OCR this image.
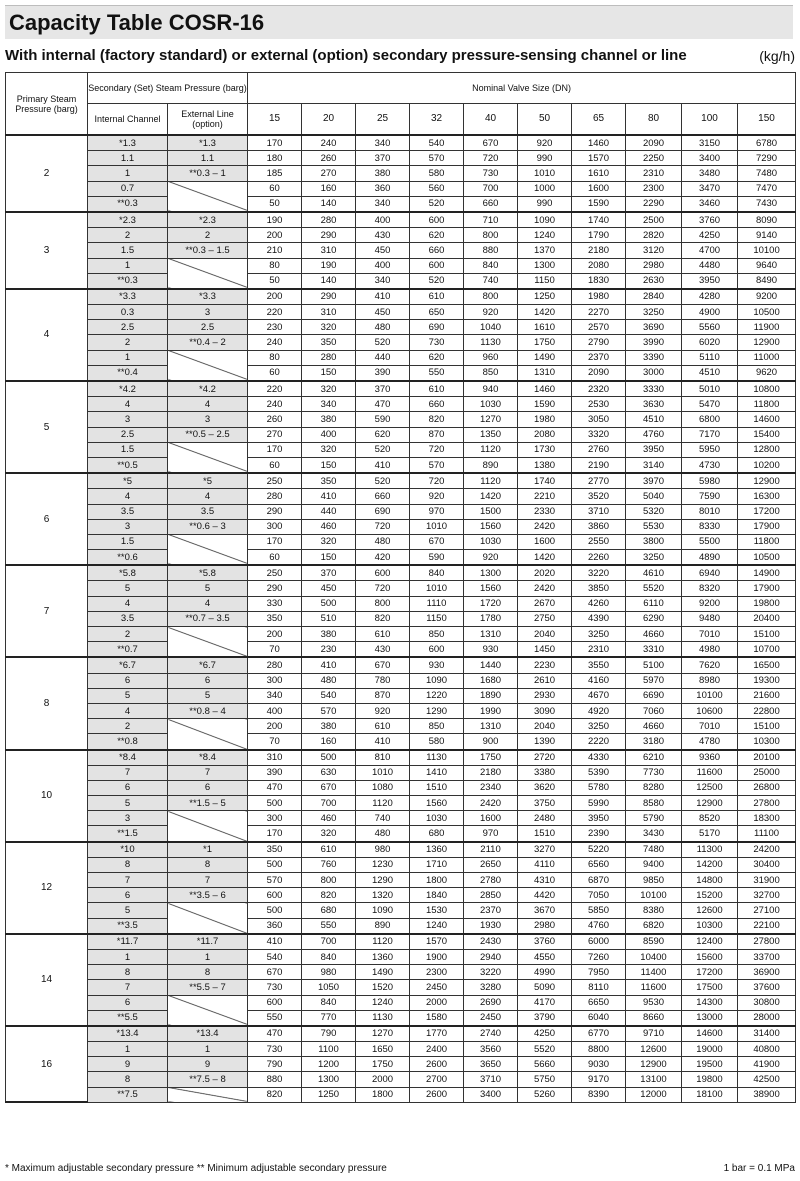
Capacity Table COSR-16
With internal (factory standard) or external (option) secondary pressure-sensing channel or line	(kg/h)
Primary Steam Pressure (barg)	Secondary (Set) Steam Pressure (barg)		Nominal Valve Size (DN)									
	Internal Channel	External Line (option)	15	20	25	32	40	50	65	80	100	150
2	*1.3	*1.3	170	240	340	540	670	920	1460	2090	3150	6780
	1.1	1.1	180	260	370	570	720	990	1570	2250	3400	7290
	1	**0.3 – 1	185	270	380	580	730	1010	1610	2310	3480	7480
	0.7		60	160	360	560	700	1000	1600	2300	3470	7470
	**0.3		50	140	340	520	660	990	1590	2290	3460	7430
3	*2.3	*2.3	190	280	400	600	710	1090	1740	2500	3760	8090
	2	2	200	290	430	620	800	1240	1790	2820	4250	9140
	1.5	**0.3 – 1.5	210	310	450	660	880	1370	2180	3120	4700	10100
	1		80	190	400	600	840	1300	2080	2980	4480	9640
	**0.3		50	140	340	520	740	1150	1830	2630	3950	8490
4	*3.3	*3.3	200	290	410	610	800	1250	1980	2840	4280	9200
	0.3	3	220	310	450	650	920	1420	2270	3250	4900	10500
	2.5	2.5	230	320	480	690	1040	1610	2570	3690	5560	11900
	2	**0.4 – 2	240	350	520	730	1130	1750	2790	3990	6020	12900
	1		80	280	440	620	960	1490	2370	3390	5110	11000
	**0.4		60	150	390	550	850	1310	2090	3000	4510	9620
5	*4.2	*4.2	220	320	370	610	940	1460	2320	3330	5010	10800
	4	4	240	340	470	660	1030	1590	2530	3630	5470	11800
	3	3	260	380	590	820	1270	1980	3050	4510	6800	14600
	2.5	**0.5 – 2.5	270	400	620	870	1350	2080	3320	4760	7170	15400
	1.5		170	320	520	720	1120	1730	2760	3950	5950	12800
	**0.5		60	150	410	570	890	1380	2190	3140	4730	10200
6	*5	*5	250	350	520	720	1120	1740	2770	3970	5980	12900
	4	4	280	410	660	920	1420	2210	3520	5040	7590	16300
	3.5	3.5	290	440	690	970	1500	2330	3710	5320	8010	17200
	3	**0.6 – 3	300	460	720	1010	1560	2420	3860	5530	8330	17900
	1.5		170	320	480	670	1030	1600	2550	3800	5500	11800
	**0.6		60	150	420	590	920	1420	2260	3250	4890	10500
7	*5.8	*5.8	250	370	600	840	1300	2020	3220	4610	6940	14900
	5	5	290	450	720	1010	1560	2420	3850	5520	8320	17900
	4	4	330	500	800	1110	1720	2670	4260	6110	9200	19800
	3.5	**0.7 – 3.5	350	510	820	1150	1780	2750	4390	6290	9480	20400
	2		200	380	610	850	1310	2040	3250	4660	7010	15100
	**0.7		70	230	430	600	930	1450	2310	3310	4980	10700
8	*6.7	*6.7	280	410	670	930	1440	2230	3550	5100	7620	16500
	6	6	300	480	780	1090	1680	2610	4160	5970	8980	19300
	5	5	340	540	870	1220	1890	2930	4670	6690	10100	21600
	4	**0.8 – 4	400	570	920	1290	1990	3090	4920	7060	10600	22800
	2		200	380	610	850	1310	2040	3250	4660	7010	15100
	**0.8		70	160	410	580	900	1390	2220	3180	4780	10300
10	*8.4	*8.4	310	500	810	1130	1750	2720	4330	6210	9360	20100
	7	7	390	630	1010	1410	2180	3380	5390	7730	11600	25000
	6	6	470	670	1080	1510	2340	3620	5780	8280	12500	26800
	5	**1.5 – 5	500	700	1120	1560	2420	3750	5990	8580	12900	27800
	3		300	460	740	1030	1600	2480	3950	5790	8520	18300
	**1.5		170	320	480	680	970	1510	2390	3430	5170	11100
12	*10	*1	350	610	980	1360	2110	3270	5220	7480	11300	24200
	8	8	500	760	1230	1710	2650	4110	6560	9400	14200	30400
	7	7	570	800	1290	1800	2780	4310	6870	9850	14800	31900
	6	**3.5 – 6	600	820	1320	1840	2850	4420	7050	10100	15200	32700
	5		500	680	1090	1530	2370	3670	5850	8380	12600	27100
	**3.5		360	550	890	1240	1930	2980	4760	6820	10300	22100
14	*11.7	*11.7	410	700	1120	1570	2430	3760	6000	8590	12400	27800
	1	1	540	840	1360	1900	2940	4550	7260	10400	15600	33700
	8	8	670	980	1490	2300	3220	4990	7950	11400	17200	36900
	7	**5.5 – 7	730	1050	1520	2450	3280	5090	8110	11600	17500	37600
	6		600	840	1240	2000	2690	4170	6650	9530	14300	30800
	**5.5		550	770	1130	1580	2450	3790	6040	8660	13000	28000
16	*13.4	*13.4	470	790	1270	1770	2740	4250	6770	9710	14600	31400
	1	1	730	1100	1650	2400	3560	5520	8800	12600	19000	40800
	9	9	790	1200	1750	2600	3650	5660	9030	12900	19500	41900
	8	**7.5 – 8	880	1300	2000	2700	3710	5750	9170	13100	19800	42500
	**7.5		820	1250	1800	2600	3400	5260	8390	12000	18100	38900
* Maximum adjustable secondary pressure ** Minimum adjustable secondary pressure	1 bar = 0.1 MPa
